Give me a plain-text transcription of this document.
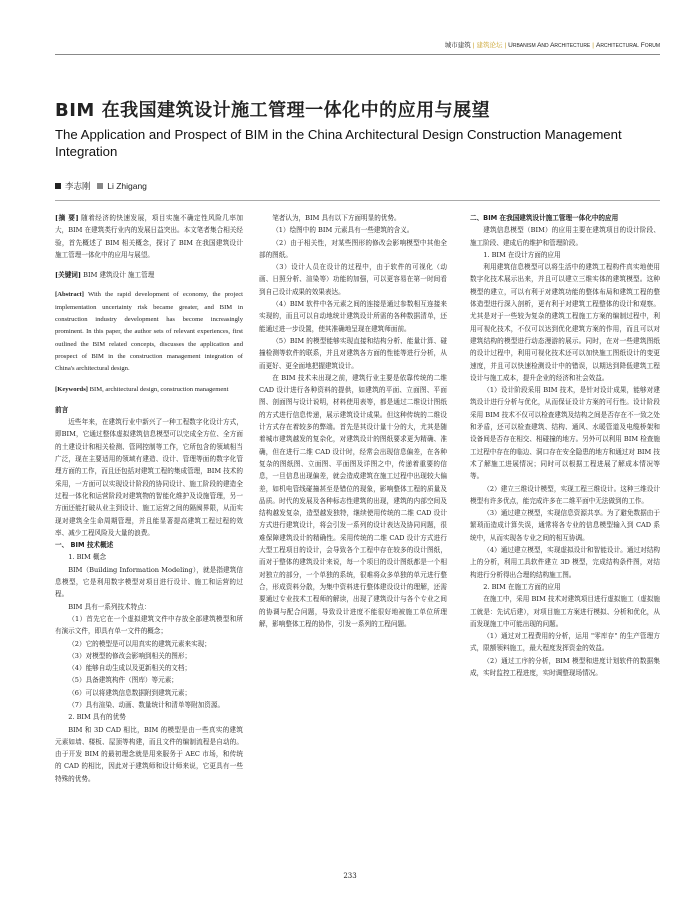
城市建筑 | 建筑论坛 | Urbanism And Architecture | Architectural Forum
BIM 在我国建筑设计施工管理一体化中的应用与展望
The Application and Prospect of BIM in the China Architectural Design Construction Management Integration
李志刚 Li Zhigang

[摘 要] 随着经济的快速发展，项目实施不确定性风险几率加大，BIM 在建筑类行业内的发展日益突出。本文笔者集合相关经验，首先概述了 BIM 相关概念，探讨了 BIM 在我国建筑设计施工管理一体化中的应用与展望。

[关键词] BIM 建筑设计 施工管理

[Abstract] With the rapid development of economy, the project implementation uncertainty risk became greater, and BIM in construction industry development has become increasingly prominent. In this paper, the author sets of relevant experiences, first outlined the BIM related concepts, discusses the application and prospect of BIM in the construction management integration of China's architectural design.

[Keywords] BIM, architectural design, construction management

前言

近些年来，在建筑行业中新兴了一种工程数字化设计方式，即BIM，它通过整体虚拟建筑信息模型可以完成全方位、全方面的土建设计和相关检测、管网控制等工作，它所包含的领域相当广泛，现在主要适用的领域有建造、设计、管理等面的数字化管理方面的工作，而且还包括对建筑工程的集成管理，BIM 技术的采用，一方面可以实现设计阶段的协同设计、施工阶段的建造全过程一体化和运营阶段对建筑物的智能化维护及设施管理，另一方面还能打破从业主到设计、施工运营之间的隔阂界限，从而实现对建筑全生命周期管理，并且能显著提高建筑工程过程的效率、减少工程风险及大量的浪费。

一、 BIM 技术概述

1. BIM 概念

BIM（Building Information Modeling），就是指建筑信息模型，它是利用数字模型对项目进行设计、施工和运营的过程。

BIM 具有一系列技术特点：

（1）首先它在一个虚拟建筑文件中存放全部建筑模型和所有演示文件，即具有单一文件的概念；

（2）它的模型是可以用真实的建筑元素来实现；

（3）对模型的修改会影响到相关的图形；

（4）能够自动生成以及更新相关的文档；

（5）具备建筑构件（图库）等元素；

（6）可以将建筑信息数据附到建筑元素；

（7）具有渲染、动画、数量统计和清单等附加资源。

2. BIM 具有的优势

BIM 和 3D CAD 相比，BIM 的模型是由一些真实的建筑元素如墙、楼板、屋顶等构建，而且文件的编制流程是自动的。由于开发 BIM 的最初理念就是用来服务于 AEC 市场，和传统的 CAD 的相比，因此对于建筑师和设计师来说，它更具有一些特殊的优势。

笔者认为，BIM 具有以下方面明显的优势。

（1）绘图中的 BIM 元素具有一些建筑的含义。

（2）由于相关性，对某些图形的修改会影响模型中其他全部的图纸。

（3）设计人员在设计的过程中，由于软件的可视化（动画、日照分析、渲染等）功能的加强，可以更容易在第一时间看到自己设计成果的效果表达。

（4）BIM 软件中各元素之间的连接是通过参数相互连接来实现的，而且可以自动地统计建筑设计所需的各种数据清单，还能通过进一步设置，使其准确地呈现在建筑师面前。

（5）BIM 的模型能够实现直接和结构分析、能量计算、碰撞检测等软件的联系，并且对建筑各方面的性能等进行分析，从而更好、更全面地把握建筑设计。

在 BIM 技术未出现之前，建筑行业主要是依靠传统的二维 CAD 设计进行各种资料的提供，如建筑的平面、立面图、平面图、剖面图与设计说明，材料使用表等，都是通过二维设计图纸的方式进行信息传递，展示建筑设计成果。但这种传统的二维设计方式存在着较多的弊端。首先是其设计量十分的大，尤其是随着城市建筑越发的复杂化，对建筑设计的图纸要求更为精确、准确，但在进行二维 CAD 设计时，经常会出现信息偏差，在各种复杂的图纸图、立面图、平面图及详图之中，传递着重要的信息，一旦信息出现偏差，就会造成建筑在施工过程中出现较大偏差，如机电管线碰撞甚至是错位的现象，影响整体工程的质量及品质。时代的发展及各种标志性建筑的出现，建筑的内部空间及结构越发复杂，造型越发独特，继续使用传统的二维 CAD 设计方式进行建筑设计，将会引发一系列的设计表达及协同问题，很难保障建筑设计的精确性。采用传统的二维 CAD 设计方式进行大型工程项目的设计，会导致各个工程中存在较多的设计图纸，而对于整体的建筑设计来说，每一个项目的设计图纸都是一个相对独立的部分，一个单独的系统，很难将众多单独的单元进行整合，形成资料分散，为集中资料进行整体建设设计的理解，还需要通过专业技术工程师的解读，出现了建筑设计与各个专业之间的协调与配合问题，导致设计进度不能很好地被施工单位所理解，影响整体工程的协作，引发一系列的工程问题。

二、BIM 在我国建筑设计施工管理一体化中的应用

建筑信息模型（BIM）的应用主要在建筑项目的设计阶段、施工阶段、建成后的维护和管理阶段。

1. BIM 在设计方面的应用

利用建筑信息模型可以将生活中的建筑工程构件真实地使用数字化技术展示出来，并且可以建立三维实体的建筑模型。这种模型的建立，可以有利于对建筑功能的整体布局和建筑工程的整体造型进行深入剖析，更有利于对建筑工程整体的设计和观察。尤其是对于一些较为复杂的建筑工程施工方案的编制过程中，利用可视化技术，不仅可以达到优化建筑方案的作用，而且可以对建筑结构的模型进行动态漫游的展示。同时，在对一些建筑图纸的设计过程中，利用可视化技术还可以加快施工图纸设计的变更速度，并且可以快速检测设计中的错误，以期达到降低建筑工程设计与施工成本，提升企业的经济和社会效益。

（1）设计阶段采用 BIM 技术，是针对设计成果，能够对建筑设计进行分析与优化，从而保证设计方案的可行性。设计阶段采用 BIM 技术不仅可以检查建筑及结构之间是否存在不一致之处和矛盾，还可以检查建筑、结构、通风、水暖管道及电缆桥架和设备间是否存在相交、相碰撞的地方。另外可以利用 BIM 检查施工过程中存在的临边、洞口存在安全隐患的地方和通过对 BIM 技术了解施工进展情况；同时可以根据工程进展了解成本情况等等。

（2）建立三维设计模型，实现工程三维设计。这种三维设计模型有许多优点，能完成许多在二维平面中无法做到的工作。

（3）通过建立模型，实现信息资源共享。为了避免数据由于繁琐而造成计算失误，通常将各专业的信息模型输入到 CAD 系统中，从而实现各专业之间的相互协调。

（4）通过建立模型，实现虚拟设计和智能设计。通过对结构上的分析，利用工具软件建立 3D 模型，完成结构条件图，对结构进行分析得出合理的结构施工图。

2. BIM 在施工方面的应用

在施工中，采用 BIM 技术对建筑项目进行虚拟施工（虚拟施工就是：先试后建），对项目施工方案进行模拟、分析和优化，从而发现施工中可能出现的问题。

（1）通过对工程费用的分析，运用 "零库存" 的生产管理方式，限额领料施工，最大程度发挥资金的效益。

（2）通过工序的分析，BIM 模型和进度计划软件的数据集成，实时监控工程进度，实时调整现场情况。

233
